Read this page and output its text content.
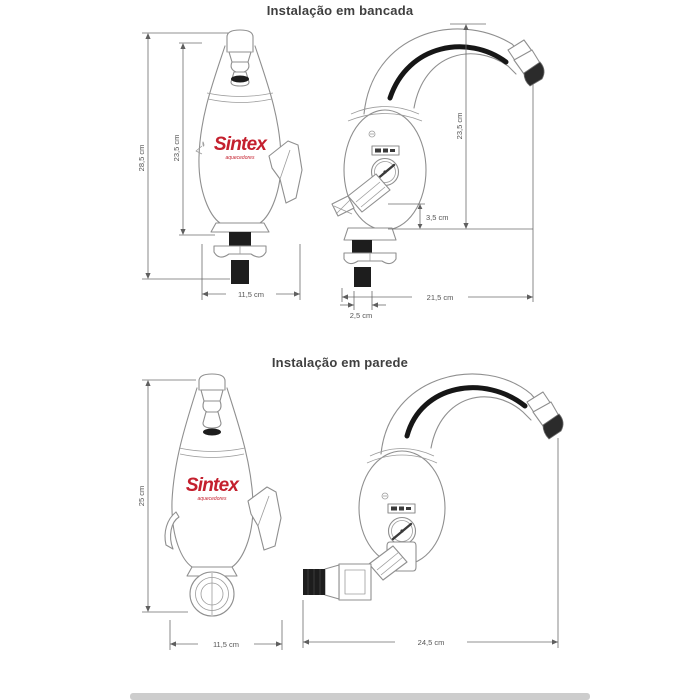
Instalação em bancada
Instalação em parede
Sintex
aquecedores
28,5 cm	23,5 cm
11,5 cm
23,5 cm
3,5 cm
21,5 cm
2,5 cm
Sintex
aquecedores
25 cm
11,5 cm	24,5 cm
